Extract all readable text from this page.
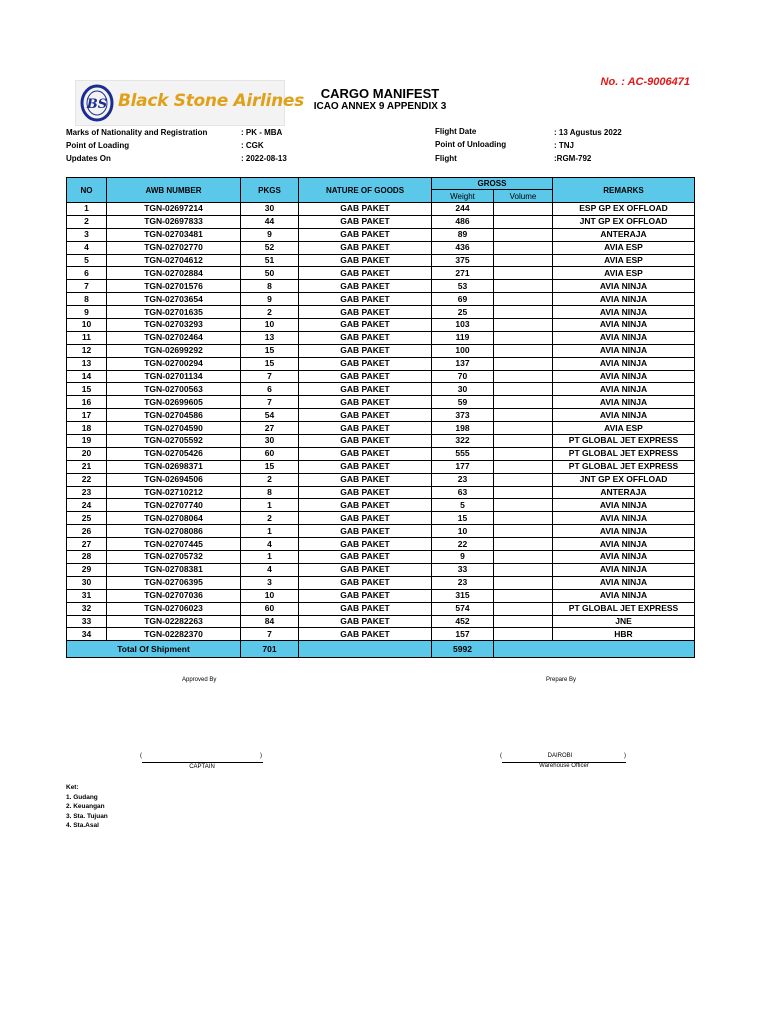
BS Black Stone Airlines
No. : AC-9006471
CARGO MANIFEST
ICAO ANNEX 9 APPENDIX 3
Marks of Nationality and Registration	: PK - MBA
Point of Loading	: CGK
Updates On	: 2022-08-13
Flight Date	: 13 Agustus 2022
Point of Unloading	: TNJ
Flight	:RGM-792
NO	AWB NUMBER	PKGS	NATURE OF GOODS	GROSS		REMARKS
				Weight	Volume	
1	TGN-02697214	30	GAB PAKET	244		ESP GP EX OFFLOAD
2	TGN-02697833	44	GAB PAKET	486		JNT GP EX OFFLOAD
3	TGN-02703481	9	GAB PAKET	89		ANTERAJA
4	TGN-02702770	52	GAB PAKET	436		AVIA ESP
5	TGN-02704612	51	GAB PAKET	375		AVIA ESP
6	TGN-02702884	50	GAB PAKET	271		AVIA ESP
7	TGN-02701576	8	GAB PAKET	53		AVIA NINJA
8	TGN-02703654	9	GAB PAKET	69		AVIA NINJA
9	TGN-02701635	2	GAB PAKET	25		AVIA NINJA
10	TGN-02703293	10	GAB PAKET	103		AVIA NINJA
11	TGN-02702464	13	GAB PAKET	119		AVIA NINJA
12	TGN-02699292	15	GAB PAKET	100		AVIA NINJA
13	TGN-02700294	15	GAB PAKET	137		AVIA NINJA
14	TGN-02701134	7	GAB PAKET	70		AVIA NINJA
15	TGN-02700563	6	GAB PAKET	30		AVIA NINJA
16	TGN-02699605	7	GAB PAKET	59		AVIA NINJA
17	TGN-02704586	54	GAB PAKET	373		AVIA NINJA
18	TGN-02704590	27	GAB PAKET	198		AVIA ESP
19	TGN-02705592	30	GAB PAKET	322		PT GLOBAL JET EXPRESS
20	TGN-02705426	60	GAB PAKET	555		PT GLOBAL JET EXPRESS
21	TGN-02698371	15	GAB PAKET	177		PT GLOBAL JET EXPRESS
22	TGN-02694506	2	GAB PAKET	23		JNT GP EX OFFLOAD
23	TGN-02710212	8	GAB PAKET	63		ANTERAJA
24	TGN-02707740	1	GAB PAKET	5		AVIA NINJA
25	TGN-02708064	2	GAB PAKET	15		AVIA NINJA
26	TGN-02708086	1	GAB PAKET	10		AVIA NINJA
27	TGN-02707445	4	GAB PAKET	22		AVIA NINJA
28	TGN-02705732	1	GAB PAKET	9		AVIA NINJA
29	TGN-02708381	4	GAB PAKET	33		AVIA NINJA
30	TGN-02706395	3	GAB PAKET	23		AVIA NINJA
31	TGN-02707036	10	GAB PAKET	315		AVIA NINJA
32	TGN-02706023	60	GAB PAKET	574		PT GLOBAL JET EXPRESS
33	TGN-02282263	84	GAB PAKET	452		JNE
34	TGN-02282370	7	GAB PAKET	157		HBR
Total Of Shipment		701		5992		
Approved By	Prepare By
(	)
CAPTAIN
(	DAIROBI	)
Warehouse Officer
Ket:
1. Gudang
2. Keuangan
3. Sta. Tujuan
4. Sta.Asal
